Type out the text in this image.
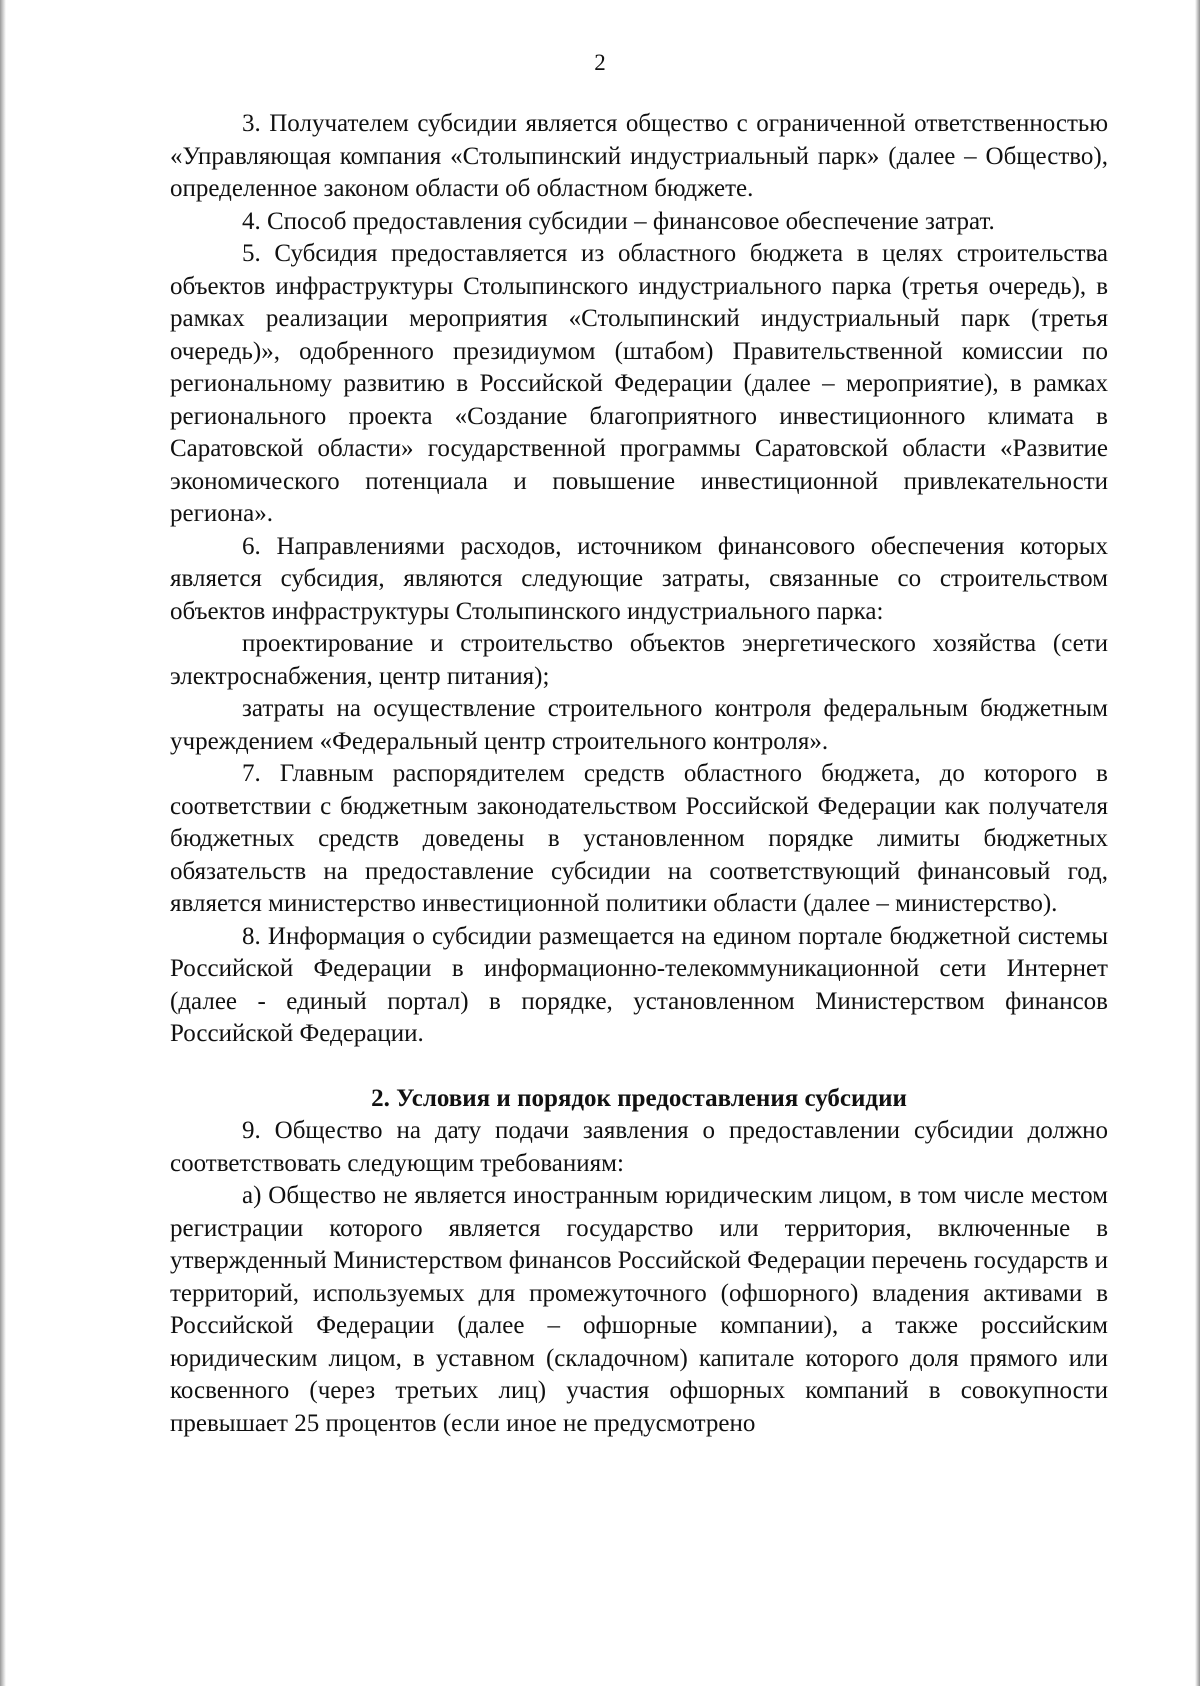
2

3. Получателем субсидии является общество с ограниченной ответственностью «Управляющая компания «Столыпинский индустриальный парк» (далее – Общество), определенное законом области об областном бюджете.

4. Способ предоставления субсидии – финансовое обеспечение затрат.

5. Субсидия предоставляется из областного бюджета в целях строительства объектов инфраструктуры Столыпинского индустриального парка (третья очередь), в рамках реализации мероприятия «Столыпинский индустриальный парк (третья очередь)», одобренного президиумом (штабом) Правительственной комиссии по региональному развитию в Российской Федерации (далее – мероприятие), в рамках регионального проекта «Создание благоприятного инвестиционного климата в Саратовской области» государственной программы Саратовской области «Развитие экономического потенциала и повышение инвестиционной привлекательности региона».

6. Направлениями расходов, источником финансового обеспечения которых является субсидия, являются следующие затраты, связанные со строительством объектов инфраструктуры Столыпинского индустриального парка:

проектирование и строительство объектов энергетического хозяйства (сети электроснабжения, центр питания);

затраты на осуществление строительного контроля федеральным бюджетным учреждением «Федеральный центр строительного контроля».

7. Главным распорядителем средств областного бюджета, до которого в соответствии с бюджетным законодательством Российской Федерации как получателя бюджетных средств доведены в установленном порядке лимиты бюджетных обязательств на предоставление субсидии на соответствующий финансовый год, является министерство инвестиционной политики области (далее – министерство).

8. Информация о субсидии размещается на едином портале бюджетной системы Российской Федерации в информационно-телекоммуникационной сети Интернет (далее - единый портал) в порядке, установленном Министерством финансов Российской Федерации.

2. Условия и порядок предоставления субсидии

9. Общество на дату подачи заявления о предоставлении субсидии должно соответствовать следующим требованиям:

а) Общество не является иностранным юридическим лицом, в том числе местом регистрации которого является государство или территория, включенные в утвержденный Министерством финансов Российской Федерации перечень государств и территорий, используемых для промежуточного (офшорного) владения активами в Российской Федерации (далее – офшорные компании), а также российским юридическим лицом, в уставном (складочном) капитале которого доля прямого или косвенного (через третьих лиц) участия офшорных компаний в совокупности превышает 25 процентов (если иное не предусмотрено
